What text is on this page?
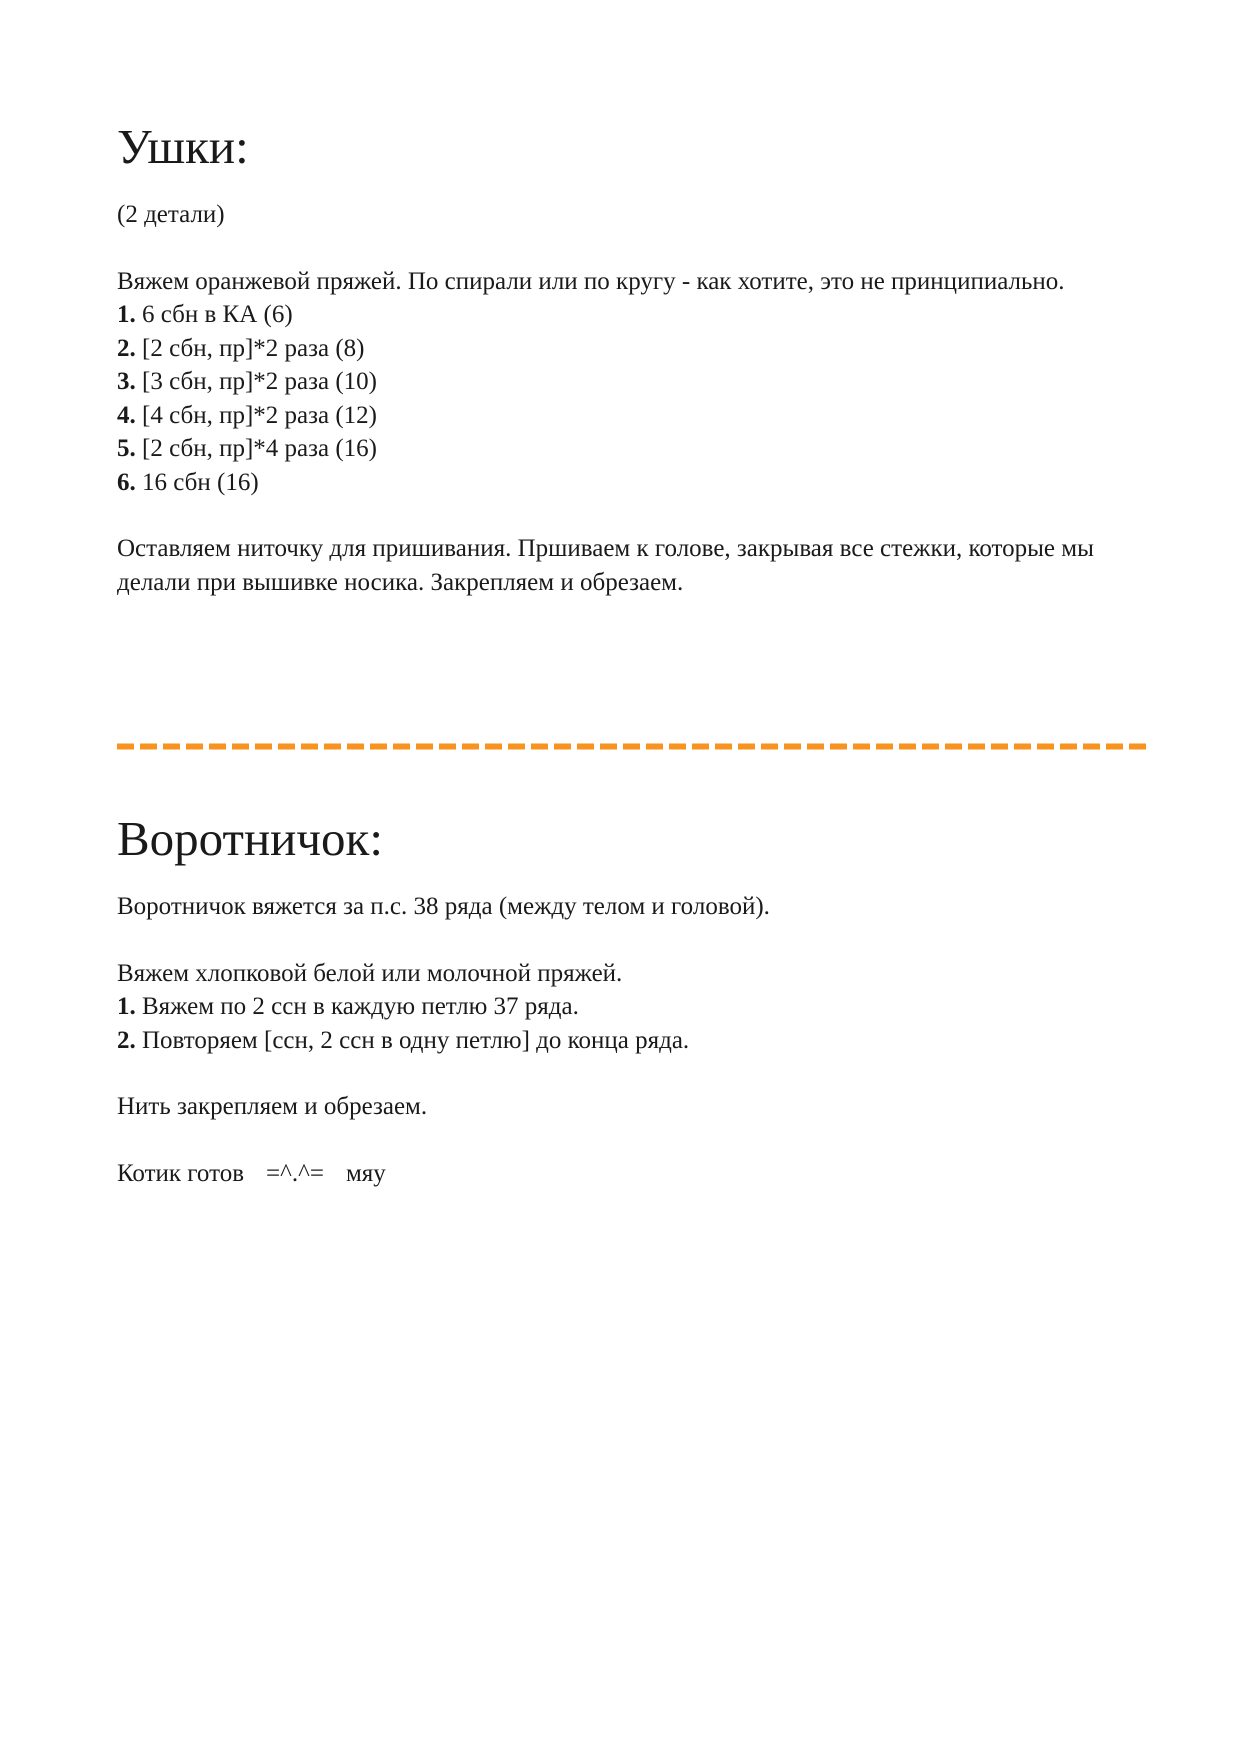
Ушки:

(2 детали)

Вяжем оранжевой пряжей. По спирали или по кругу - как хотите, это не принципиально.

1. 6 сбн в КА (6)
2. [2 сбн, пр]*2 раза (8)
3. [3 сбн, пр]*2 раза (10)
4. [4 сбн, пр]*2 раза (12)
5. [2 сбн, пр]*4 раза (16)
6. 16 сбн (16)

Оставляем ниточку для пришивания. Пршиваем к голове, закрывая все стежки, которые мы делали при вышивке носика. Закрепляем и обрезаем.

Воротничок:

Воротничок вяжется за п.с. 38 ряда (между телом и головой).

Вяжем хлопковой белой или молочной пряжей.

1. Вяжем по 2 ссн в каждую петлю 37 ряда.
2. Повторяем [ссн, 2 ссн в одну петлю] до конца ряда.

Нить закрепляем и обрезаем.

Котик готов =^.^= мяу
